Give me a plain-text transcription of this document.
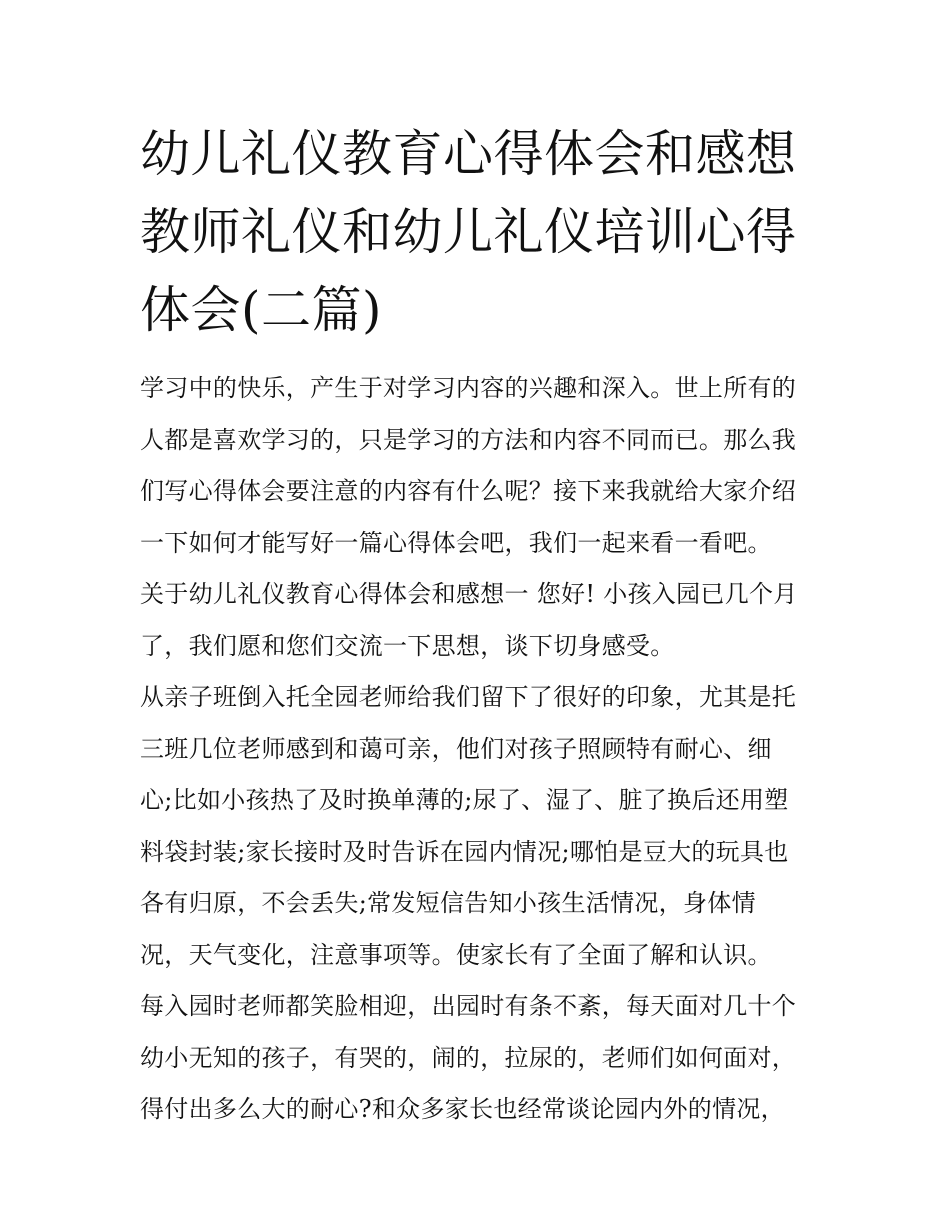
幼儿礼仪教育心得体会和感想
教师礼仪和幼儿礼仪培训心得
体会(二篇)
学习中的快乐，产生于对学习内容的兴趣和深入。世上所有的
人都是喜欢学习的，只是学习的方法和内容不同而已。那么我
们写心得体会要注意的内容有什么呢？接下来我就给大家介绍
一下如何才能写好一篇心得体会吧，我们一起来看一看吧。
关于幼儿礼仪教育心得体会和感想一 您好! 小孩入园已几个月
了，我们愿和您们交流一下思想，谈下切身感受。
从亲子班倒入托全园老师给我们留下了很好的印象，尤其是托
三班几位老师感到和蔼可亲，他们对孩子照顾特有耐心、细
心;比如小孩热了及时换单薄的;尿了、湿了、脏了换后还用塑
料袋封装;家长接时及时告诉在园内情况;哪怕是豆大的玩具也
各有归原，不会丢失;常发短信告知小孩生活情况，身体情
况，天气变化，注意事项等。使家长有了全面了解和认识。
每入园时老师都笑脸相迎，出园时有条不紊，每天面对几十个
幼小无知的孩子，有哭的，闹的，拉尿的，老师们如何面对，
得付出多么大的耐心?和众多家长也经常谈论园内外的情况，
